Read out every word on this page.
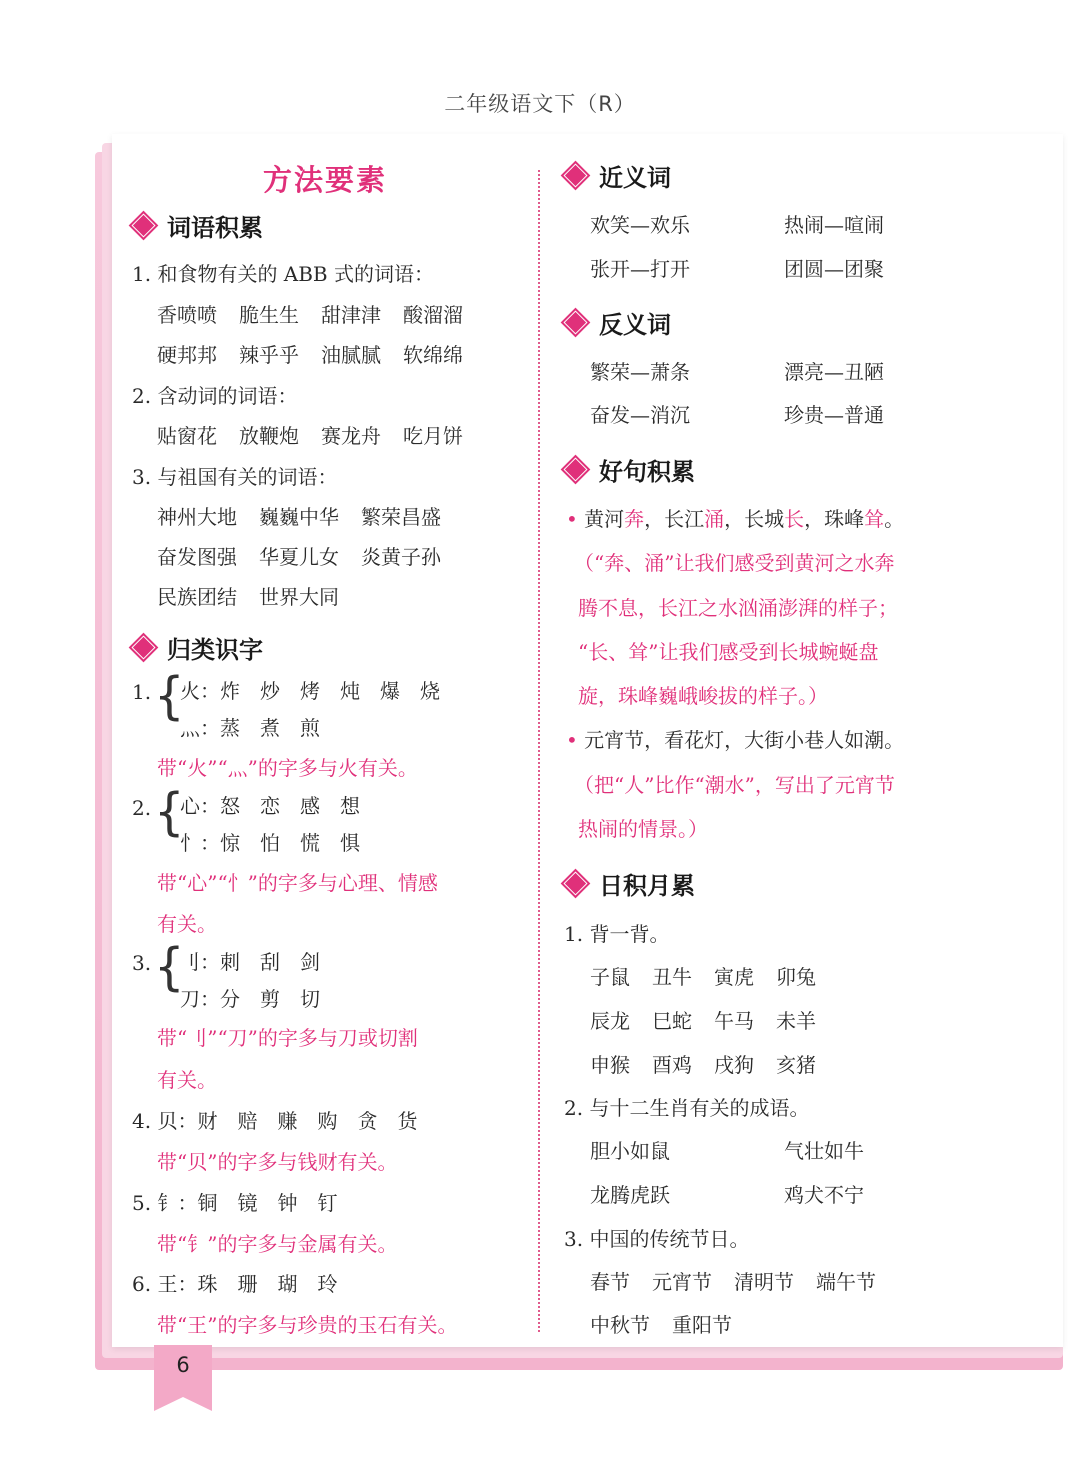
二年级语文下（R）
方法要素
词语积累
1. 和食物有关的 ABB 式的词语：
香喷喷 脆生生 甜津津 酸溜溜
硬邦邦 辣乎乎 油腻腻 软绵绵
2. 含动词的词语：
贴窗花 放鞭炮 赛龙舟 吃月饼
3. 与祖国有关的词语：
神州大地 巍巍中华 繁荣昌盛
奋发图强 华夏儿女 炎黄子孙
民族团结 世界大同
归类识字
1. {
火：炸　炒　烤　炖　爆　烧
灬：蒸　煮　煎
带“火”“灬”的字多与火有关。
2. {
心：怒　恋　感　想
忄：惊　怕　慌　惧
带“心”“忄”的字多与心理、情感
有关。
3. {
刂：刺　刮　剑
刀：分　剪　切
带“刂”“刀”的字多与刀或切割
有关。
4. 贝：财　赔　赚　购　贪　货
带“贝”的字多与钱财有关。
5. 钅：铜　镜　钟　钉
带“钅”的字多与金属有关。
6. 王：珠　珊　瑚　玲
带“王”的字多与珍贵的玉石有关。
近义词
欢笑—欢乐	热闹—喧闹
张开—打开	团圆—团聚
反义词
繁荣—萧条	漂亮—丑陋
奋发—消沉	珍贵—普通
好句积累
• 黄河奔，长江涌，长城长，珠峰耸。
（“奔、涌”让我们感受到黄河之水奔
腾不息，长江之水汹涌澎湃的样子；
“长、耸”让我们感受到长城蜿蜒盘
旋，珠峰巍峨峻拔的样子。）
• 元宵节，看花灯，大街小巷人如潮。
（把“人”比作“潮水”，写出了元宵节
热闹的情景。）
日积月累
1. 背一背。
子鼠 丑牛 寅虎 卯兔
辰龙 巳蛇 午马 未羊
申猴 酉鸡 戌狗 亥猪
2. 与十二生肖有关的成语。
胆小如鼠	气壮如牛
龙腾虎跃	鸡犬不宁
3. 中国的传统节日。
春节 元宵节 清明节 端午节
中秋节 重阳节
6
